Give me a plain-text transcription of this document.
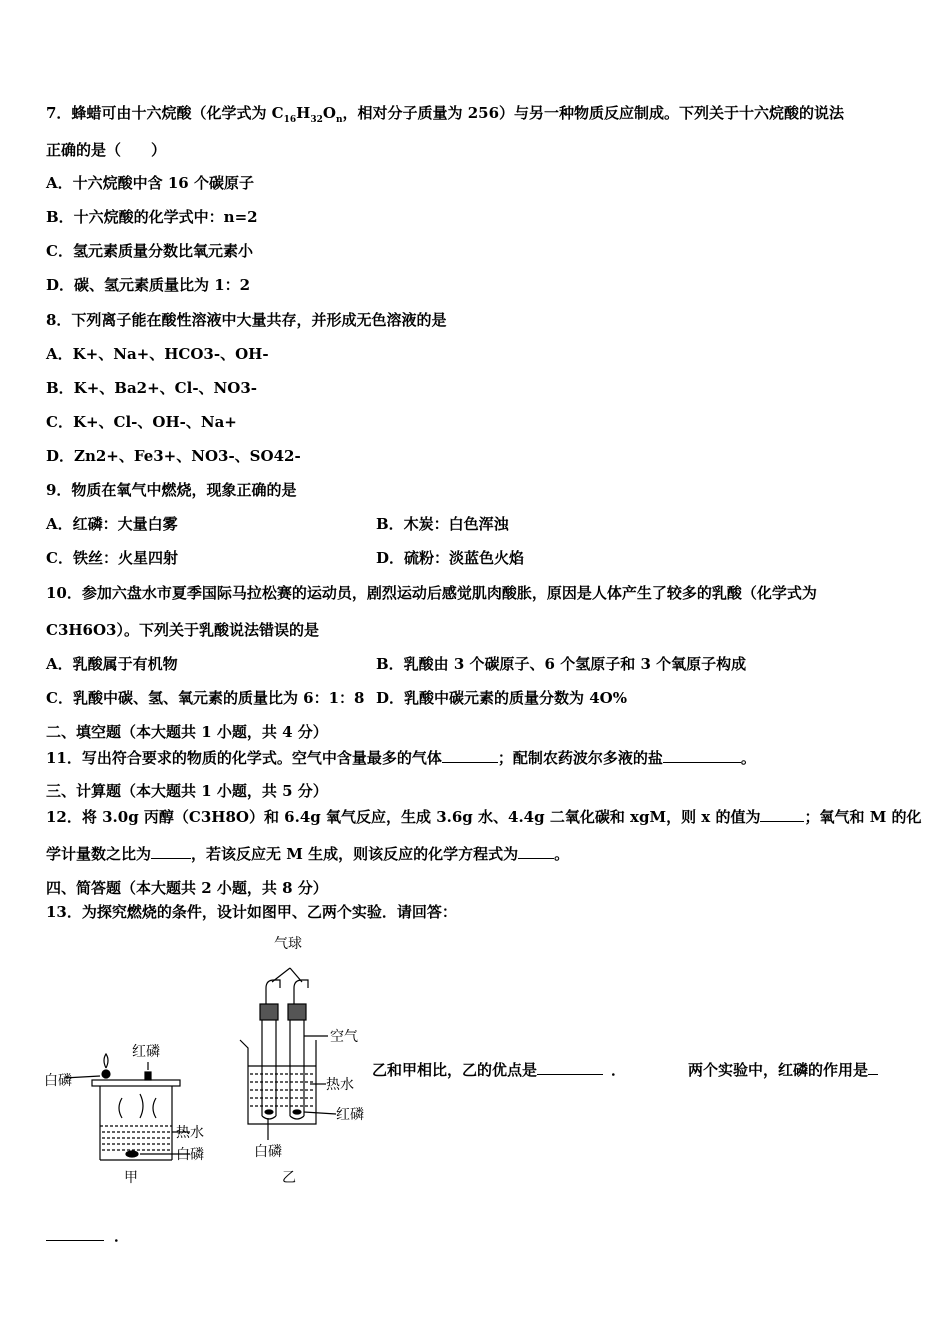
7．蜂蜡可由十六烷酸（化学式为 $C_{16}H_{32}O_n$，相对分子质量为 256）与另一种物质反应制成。下列关于十六烷酸的说法
正确的是（　　）
A．十六烷酸中含 16 个碳原子
B．十六烷酸的化学式中：n=2
C．氢元素质量分数比氧元素小
D．碳、氢元素质量比为 1：2
8．下列离子能在酸性溶液中大量共存，并形成无色溶液的是
A．K+、Na+、HCO3-、OH-
B．K+、Ba2+、Cl-、NO3-
C．K+、Cl-、OH-、Na+
D．Zn2+、Fe3+、NO3-、SO42-
9．物质在氧气中燃烧，现象正确的是
A．红磷：大量白雾	B．木炭：白色浑浊
C．铁丝：火星四射	D．硫粉：淡蓝色火焰
10．参加六盘水市夏季国际马拉松赛的运动员，剧烈运动后感觉肌肉酸胀，原因是人体产生了较多的乳酸（化学式为
C3H6O3）。下列关于乳酸说法错误的是
A．乳酸属于有机物	B．乳酸由 3 个碳原子、6 个氢原子和 3 个氧原子构成
C．乳酸中碳、氢、氧元素的质量比为 6：1：8 D．乳酸中碳元素的质量分数为 4O%
二、填空题（本大题共 1 小题，共 4 分）
11．写出符合要求的物质的化学式。空气中含量最多的气体	；配制农药波尔多液的盐	。
三、计算题（本大题共 1 小题，共 5 分）
12．将 3.0g 丙醇（C3H8O）和 6.4g 氧气反应，生成 3.6g 水、4.4g 二氧化碳和 xgM，则 x 的值为	；氧气和 M 的化
学计量数之比为	，若该反应无 M 生成，则该反应的化学方程式为 。
四、简答题（本大题共 2 小题，共 8 分）
13．为探究燃烧的条件，设计如图甲、乙两个实验．请回答：
红磷
白磷
热水
白磷
甲
气球
空气
热水
红磷
白磷
乙
乙和甲相比，乙的优点是	．	两个实验中，红磷的作用是
．
